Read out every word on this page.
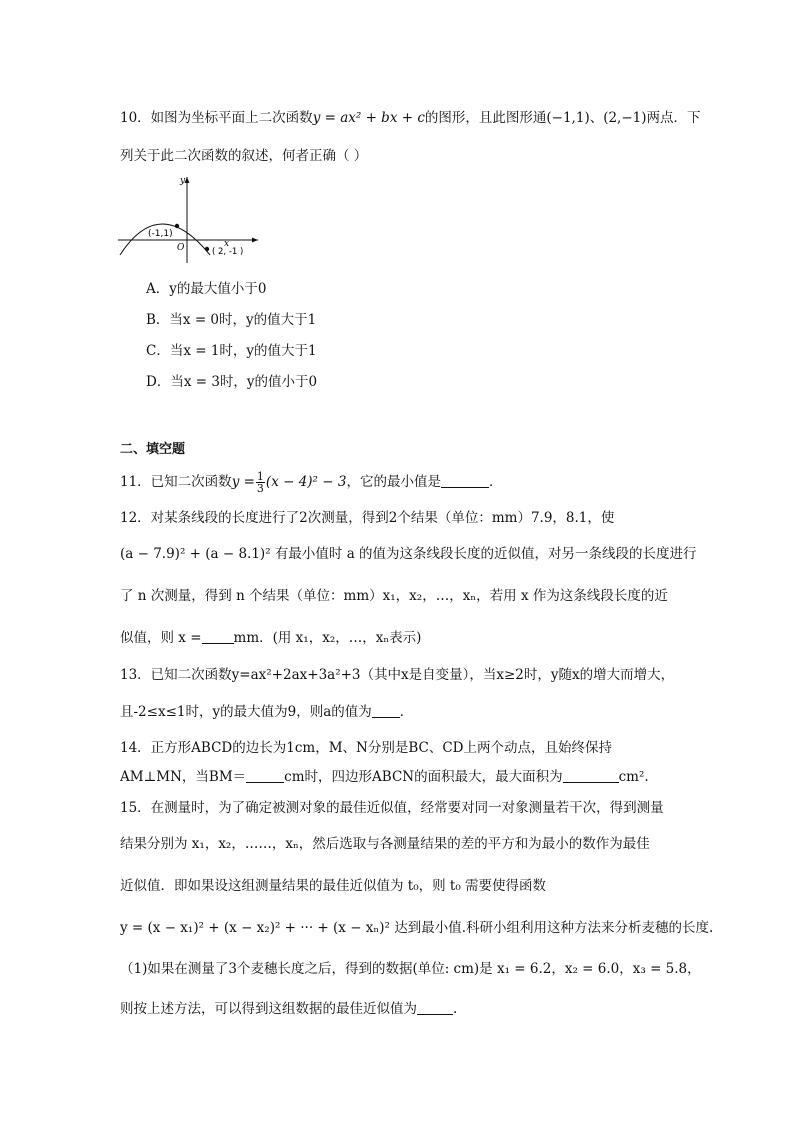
10．如图为坐标平面上二次函数y = ax² + bx + c的图形，且此图形通(−1,1)、(2,−1)两点．下
列关于此二次函数的叙述，何者正确（ ）
y
x
O
(-1,1)
( 2, -1 )
A．y的最大值小于0
B．当x = 0时，y的值大于1
C．当x = 1时，y的值大于1
D．当x = 3时，y的值小于0
二、填空题
11．已知二次函数$y = \frac{1}{3} (x - 4)^2 - 3$，它的最小值是	．
12．对某条线段的长度进行了2次测量，得到2个结果（单位：mm）7.9，8.1，使
(a − 7.9)² + (a − 8.1)² 有最小值时 a 的值为这条线段长度的近似值，对另一条线段的长度进行
了 n 次测量，得到 n 个结果（单位：mm）x₁，x₂，…，xₙ，若用 x 作为这条线段长度的近
似值，则 x = mm．(用 x₁，x₂，…，xₙ表示)
13．已知二次函数y=ax²+2ax+3a²+3（其中x是自变量），当x≥2时，y随x的增大而增大，
且-2≤x≤1时，y的最大值为9，则a的值为 ．
14．正方形ABCD的边长为1cm，M、N分别是BC、CD上两个动点，且始终保持
AM⊥MN，当BM＝	cm时，四边形ABCN的面积最大，最大面积为	cm².
15．在测量时，为了确定被测对象的最佳近似值，经常要对同一对象测量若干次，得到测量
结果分别为 x₁，x₂，……，xₙ，然后选取与各测量结果的差的平方和为最小的数作为最佳
近似值．即如果设这组测量结果的最佳近似值为 t₀，则 t₀ 需要使得函数
y = (x − x₁)² + (x − x₂)² + ··· + (x − xₙ)² 达到最小值.科研小组利用这种方法来分析麦穗的长度.
（1)如果在测量了3个麦穗长度之后，得到的数据(单位: cm)是 x₁ = 6.2，x₂ = 6.0，x₃ = 5.8，
则按上述方法，可以得到这组数据的最佳近似值为	.
